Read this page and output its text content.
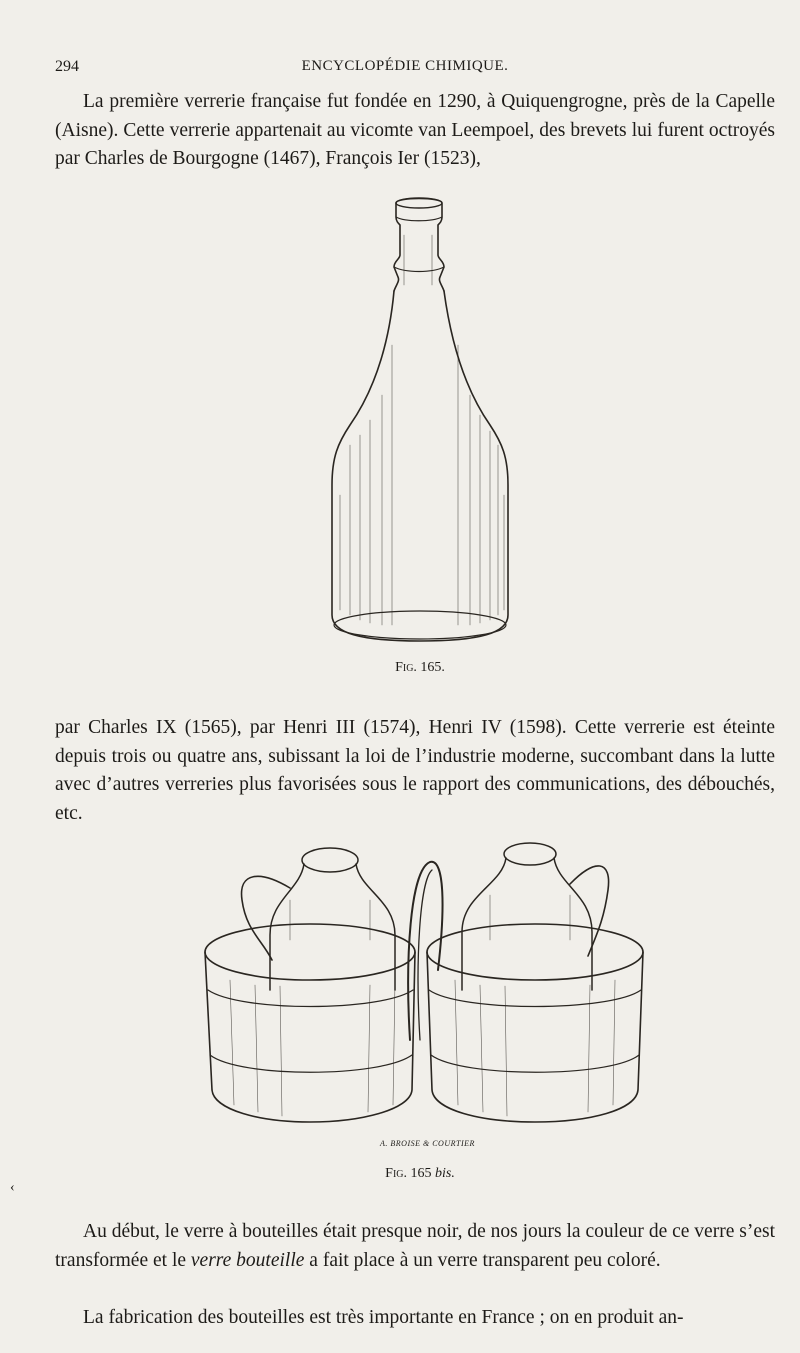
294	ENCYCLOPÉDIE CHIMIQUE.
La première verrerie française fut fondée en 1290, à Quiquengrogne, près de la Capelle (Aisne). Cette verrerie appartenait au vicomte van Leempoel, des brevets lui furent octroyés par Charles de Bourgogne (1467), François Ier (1523),
Fig. 165.
par Charles IX (1565), par Henri III (1574), Henri IV (1598). Cette verrerie est éteinte depuis trois ou quatre ans, subissant la loi de l’industrie moderne, succombant dans la lutte avec d’autres verreries plus favorisées sous le rapport des communications, des débouchés, etc.
A. BROISE & COURTIER
Fig. 165 bis.
‹
Au début, le verre à bouteilles était presque noir, de nos jours la couleur de ce verre s’est transformée et le verre bouteille a fait place à un verre transparent peu coloré.
La fabrication des bouteilles est très importante en France ; on en produit an-
